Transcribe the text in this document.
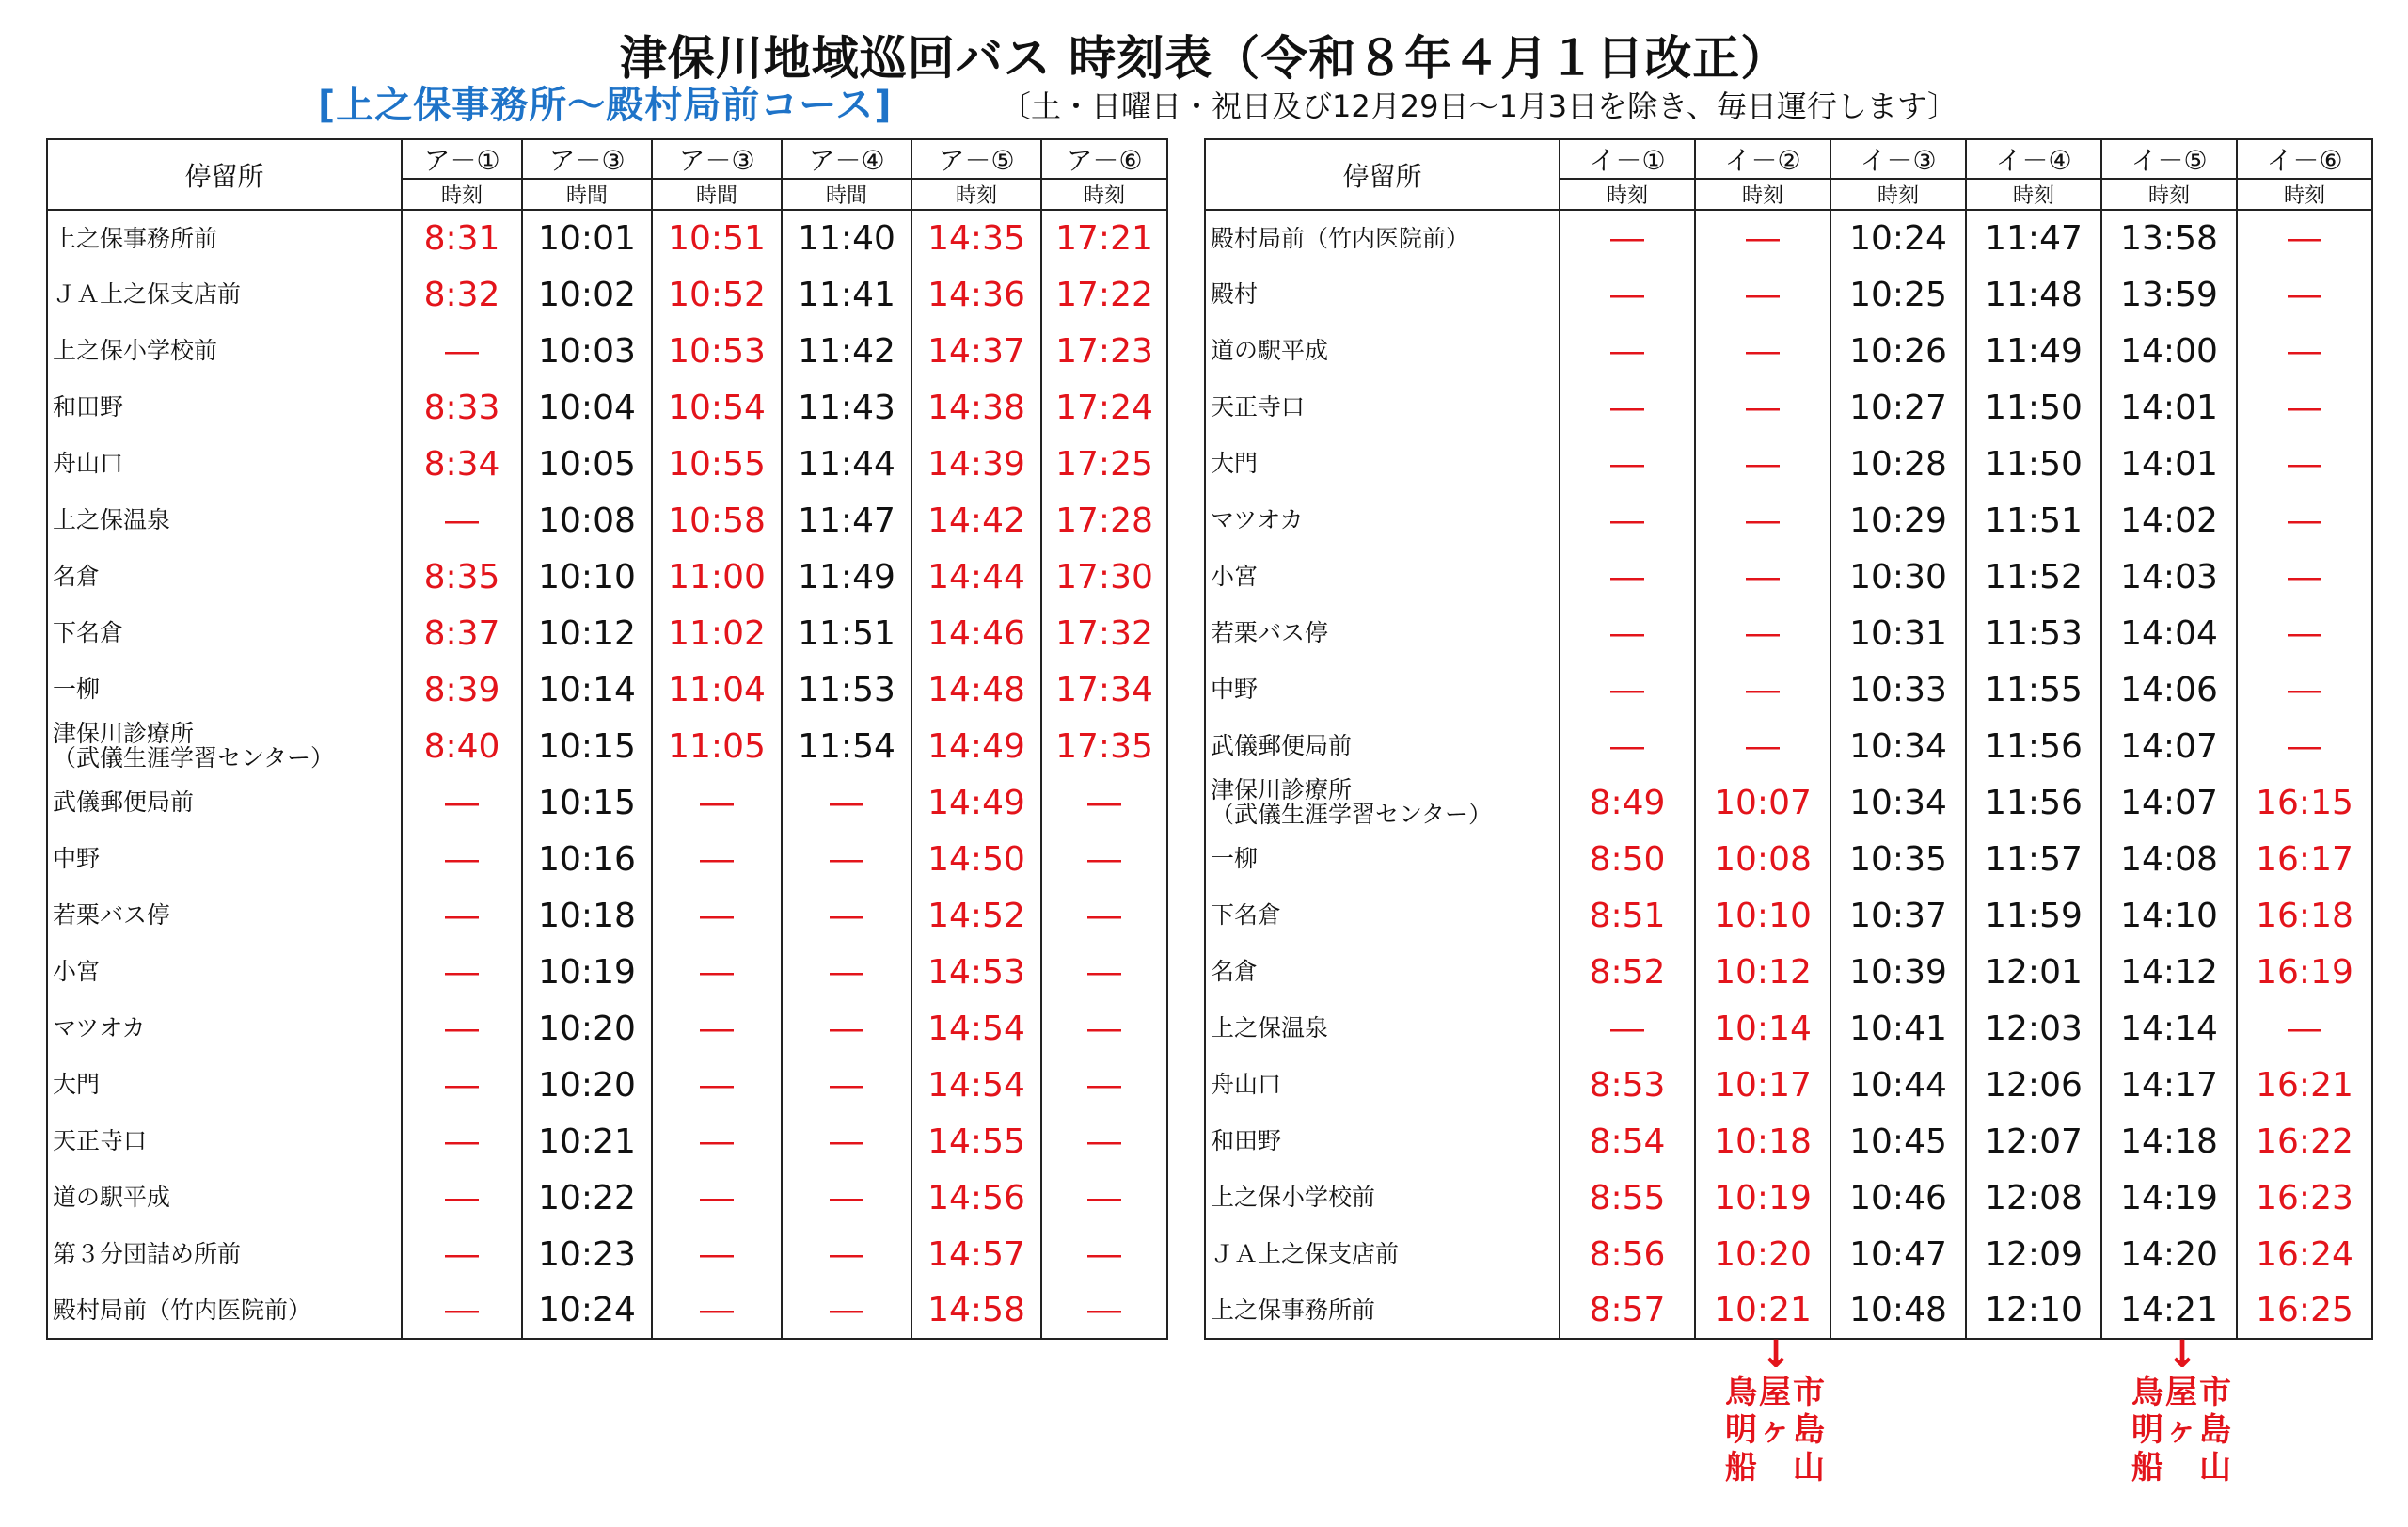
津保川地域巡回バス 時刻表（令和８年４月１日改正）
[上之保事務所～殿村局前コース]	〔土・日曜日・祝日及び12月29日～1月3日を除き、毎日運行します〕
停留所	ア－①	ア－③	ア－③	ア－④	ア－⑤	ア－⑥
	時刻	時間	時間	時間	時刻	時刻
上之保事務所前	8:31	10:01	10:51	11:40	14:35	17:21
ＪＡ上之保支店前	8:32	10:02	10:52	11:41	14:36	17:22
上之保小学校前	―	10:03	10:53	11:42	14:37	17:23
和田野	8:33	10:04	10:54	11:43	14:38	17:24
舟山口	8:34	10:05	10:55	11:44	14:39	17:25
上之保温泉	―	10:08	10:58	11:47	14:42	17:28
名倉	8:35	10:10	11:00	11:49	14:44	17:30
下名倉	8:37	10:12	11:02	11:51	14:46	17:32
一柳	8:39	10:14	11:04	11:53	14:48	17:34
津保川診療所
（武儀生涯学習センター）	8:40	10:15	11:05	11:54	14:49	17:35
武儀郵便局前	―	10:15	―	―	14:49	―
中野	―	10:16	―	―	14:50	―
若栗バス停	―	10:18	―	―	14:52	―
小宮	―	10:19	―	―	14:53	―
マツオカ	―	10:20	―	―	14:54	―
大門	―	10:20	―	―	14:54	―
天正寺口	―	10:21	―	―	14:55	―
道の駅平成	―	10:22	―	―	14:56	―
第３分団詰め所前	―	10:23	―	―	14:57	―
殿村局前（竹内医院前）	―	10:24	―	―	14:58	―
停留所	イ－①	イ－②	イ－③	イ－④	イ－⑤	イ－⑥
	時刻	時刻	時刻	時刻	時刻	時刻
殿村局前（竹内医院前）	―	―	10:24	11:47	13:58	―
殿村	―	―	10:25	11:48	13:59	―
道の駅平成	―	―	10:26	11:49	14:00	―
天正寺口	―	―	10:27	11:50	14:01	―
大門	―	―	10:28	11:50	14:01	―
マツオカ	―	―	10:29	11:51	14:02	―
小宮	―	―	10:30	11:52	14:03	―
若栗バス停	―	―	10:31	11:53	14:04	―
中野	―	―	10:33	11:55	14:06	―
武儀郵便局前	―	―	10:34	11:56	14:07	―
津保川診療所
（武儀生涯学習センター）	8:49	10:07	10:34	11:56	14:07	16:15
一柳	8:50	10:08	10:35	11:57	14:08	16:17
下名倉	8:51	10:10	10:37	11:59	14:10	16:18
名倉	8:52	10:12	10:39	12:01	14:12	16:19
上之保温泉	―	10:14	10:41	12:03	14:14	―
舟山口	8:53	10:17	10:44	12:06	14:17	16:21
和田野	8:54	10:18	10:45	12:07	14:18	16:22
上之保小学校前	8:55	10:19	10:46	12:08	14:19	16:23
ＪＡ上之保支店前	8:56	10:20	10:47	12:09	14:20	16:24
上之保事務所前	8:57	10:21	10:48	12:10	14:21	16:25
↓
鳥屋市
明ヶ島
船　山
↓
鳥屋市
明ヶ島
船　山
